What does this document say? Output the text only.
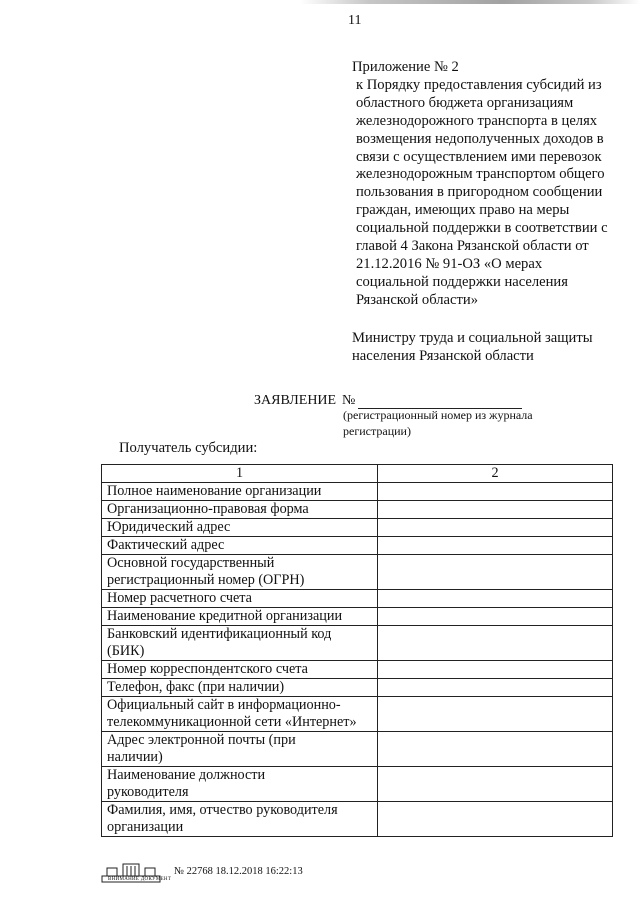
11
Приложение № 2
к Порядку предоставления субсидий из
областного бюджета организациям
железнодорожного транспорта в целях
возмещения недополученных доходов в
связи с осуществлением ими перевозок
железнодорожным транспортом общего
пользования в пригородном сообщении
граждан, имеющих право на меры
социальной поддержки в соответствии с
главой 4 Закона Рязанской области от
21.12.2016 № 91-ОЗ «О мерах
социальной поддержки населения
Рязанской области»
Министру труда и социальной защиты
населения Рязанской области
ЗАЯВЛЕНИЕ №
(регистрационный номер из журнала
регистрации)
Получатель субсидии:
1	2

Полное наименование организации	

Организационно-правовая форма	

Юридический адрес	

Фактический адрес	

Основной государственный
регистрационный номер (ОГРН)	

Номер расчетного счета	

Наименование кредитной организации	

Банковский идентификационный код
(БИК)	

Номер корреспондентского счета	

Телефон, факс (при наличии)	

Официальный сайт в информационно-
телекоммуникационной сети «Интернет»	

Адрес электронной почты (при
наличии)	

Наименование должности
руководителя	

Фамилия, имя, отчество руководителя
организации	

ВНИМАНИЕ ДОКУМЕНТ
№ 22768 18.12.2018 16:22:13
